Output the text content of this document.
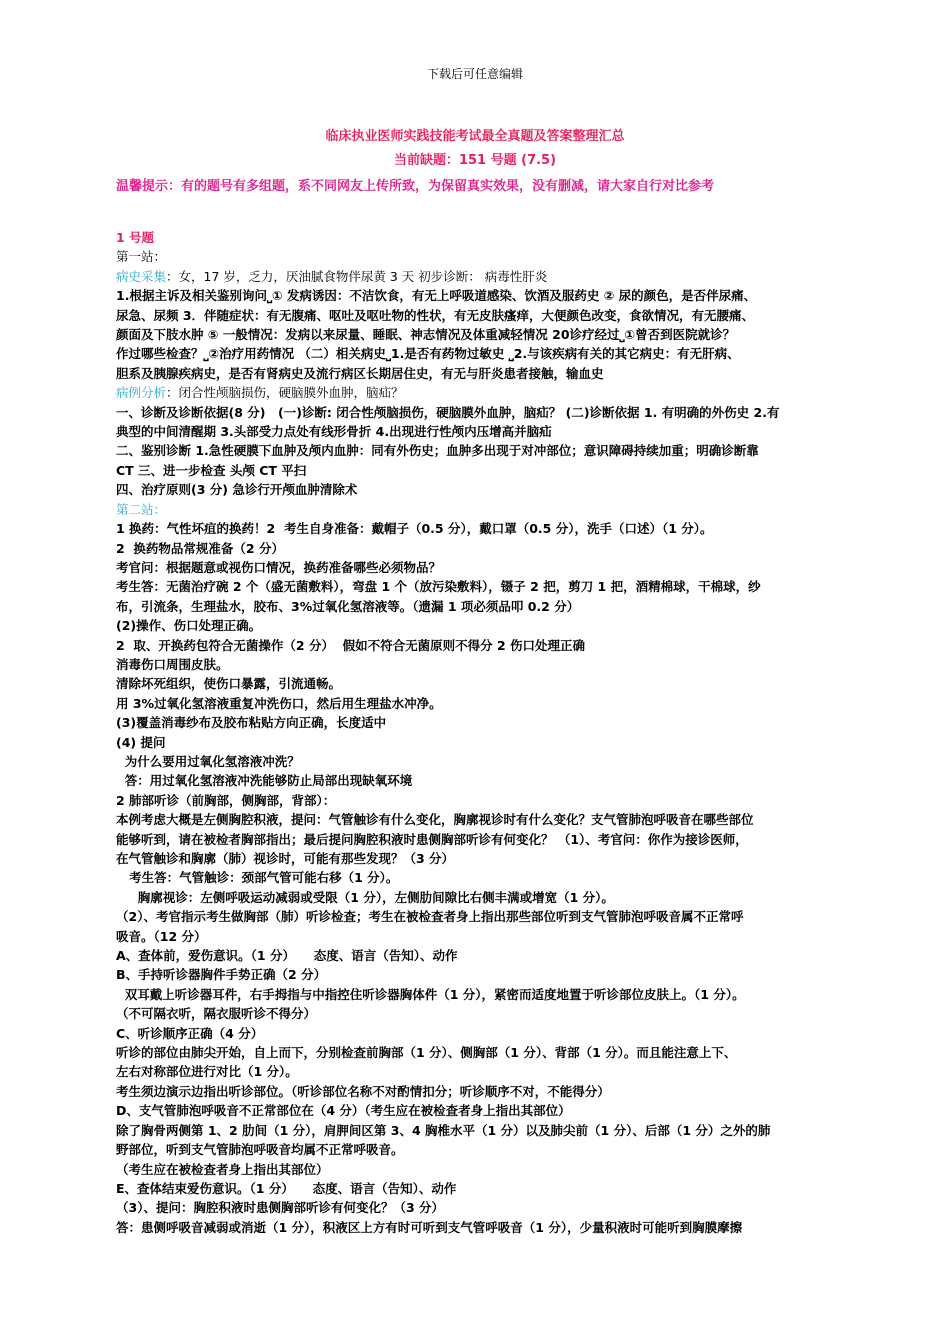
下载后可任意编辑
临床执业医师实践技能考试最全真题及答案整理汇总
当前缺题：151 号题 (7.5)
温馨提示：有的题号有多组题，系不同网友上传所致，为保留真实效果，没有删减，请大家自行对比参考

1 号题

第一站：

病史采集：女，17 岁，乏力，厌油腻食物伴尿黄 3 天 初步诊断： 病毒性肝炎

1.根据主诉及相关鉴别询问⎵① 发病诱因：不洁饮食，有无上呼吸道感染、饮酒及服药史 ② 尿的颜色，是否伴尿痛、

尿急、尿频 3．伴随症状：有无腹痛、呕吐及呕吐物的性状，有无皮肤瘙痒，大便颜色改变，食欲情况，有无腰痛、

颜面及下肢水肿 ⑤ 一般情况：发病以来尿量、睡眠、神志情况及体重减轻情况 20诊疗经过⎵①曾否到医院就诊？

作过哪些检查？⎵②治疗用药情况 （二）相关病史⎵1.是否有药物过敏史 ⎵2.与该疾病有关的其它病史：有无肝病、

胆系及胰腺疾病史，是否有肾病史及流行病区长期居住史，有无与肝炎患者接触，输血史

病例分析：闭合性颅脑损伤，硬脑膜外血肿，脑疝？

一、诊断及诊断依据(8 分)　(一)诊断: 闭合性颅脑损伤，硬脑膜外血肿，脑疝？ (二)诊断依据 1. 有明确的外伤史 2.有

典型的中间清醒期 3.头部受力点处有线形骨折 4.出现进行性颅内压增高并脑疝

二、鉴别诊断 1.急性硬膜下血肿及颅内血肿：同有外伤史；血肿多出现于对冲部位；意识障碍持续加重；明确诊断靠

CT 三、进一步检查 头颅 CT 平扫

四、治疗原则(3 分) 急诊行开颅血肿清除术

第二站：

1 换药：气性坏疽的换药！2  考生自身准备：戴帽子（0.5 分），戴口罩（0.5 分），洗手（口述）（1 分）。

2  换药物品常规准备（2 分）

考官问：根据题意或视伤口情况，换药准备哪些必须物品？

考生答：无菌治疗碗 2 个（盛无菌敷料），弯盘 1 个（放污染敷料），镊子 2 把，剪刀 1 把，酒精棉球，干棉球，纱

布，引流条，生理盐水，胶布、3%过氧化氢溶液等。（遗漏 1 项必须品叩 0.2 分）

(2)操作、伤口处理正确。

2  取、开换药包符合无菌操作（2 分）  假如不符合无菌原则不得分 2 伤口处理正确

消毒伤口周围皮肤。

清除坏死组织，使伤口暴露，引流通畅。

用 3%过氧化氢溶液重复冲洗伤口，然后用生理盐水冲净。

(3)覆盖消毒纱布及胶布粘贴方向正确，长度适中

(4) 提问

为什么要用过氧化氢溶液冲洗？

答：用过氧化氢溶液冲洗能够防止局部出现缺氧环境

2 肺部听诊（前胸部，侧胸部，背部）：

本例考虑大概是左侧胸腔积液，提问：气管触诊有什么变化，胸廓视诊时有什么变化？支气管肺泡呼吸音在哪些部位

能够听到，请在被检者胸部指出；最后提问胸腔积液时患侧胸部听诊有何变化？ （1）、考官问：你作为接诊医师，

在气管触诊和胸廓（肺）视诊时，可能有那些发现？（3 分）

考生答：气管触诊：颈部气管可能右移（1 分）。

胸廓视诊：左侧呼吸运动减弱或受限（1 分），左侧肋间隙比右侧丰满或增宽（1 分）。

（2）、考官指示考生做胸部（肺）听诊检查；考生在被检查者身上指出那些部位听到支气管肺泡呼吸音属不正常呼

吸音。（12 分）

A、查体前，爱伤意识。（1 分）　　态度、语言（告知）、动作

B、手持听诊器胸件手势正确（2 分）

双耳戴上听诊器耳件，右手拇指与中指控住听诊器胸体件（1 分），紧密而适度地置于听诊部位皮肤上。（1 分）。

（不可隔衣听，隔衣服听诊不得分）

C、听诊顺序正确（4 分）

听诊的部位由肺尖开始，自上而下，分别检查前胸部（1 分）、侧胸部（1 分）、背部（1 分）。而且能注意上下、

左右对称部位进行对比（1 分）。

考生须边演示边指出听诊部位。（听诊部位名称不对酌情扣分；听诊顺序不对，不能得分）

D、支气管肺泡呼吸音不正常部位在（4 分）（考生应在被检查者身上指出其部位）

除了胸骨两侧第 1、2 肋间（1 分），肩胛间区第 3、4 胸椎水平（1 分）以及肺尖前（1 分）、后部（1 分）之外的肺

野部位，听到支气管肺泡呼吸音均属不正常呼吸音。

（考生应在被检查者身上指出其部位）

E、查体结束爱伤意识。（1 分）　　态度、语言（告知）、动作

（3）、提问：胸腔积液时患侧胸部听诊有何变化？（3 分）

答：患侧呼吸音减弱或消逝（1 分），积液区上方有时可听到支气管呼吸音（1 分），少量积液时可能听到胸膜摩擦
